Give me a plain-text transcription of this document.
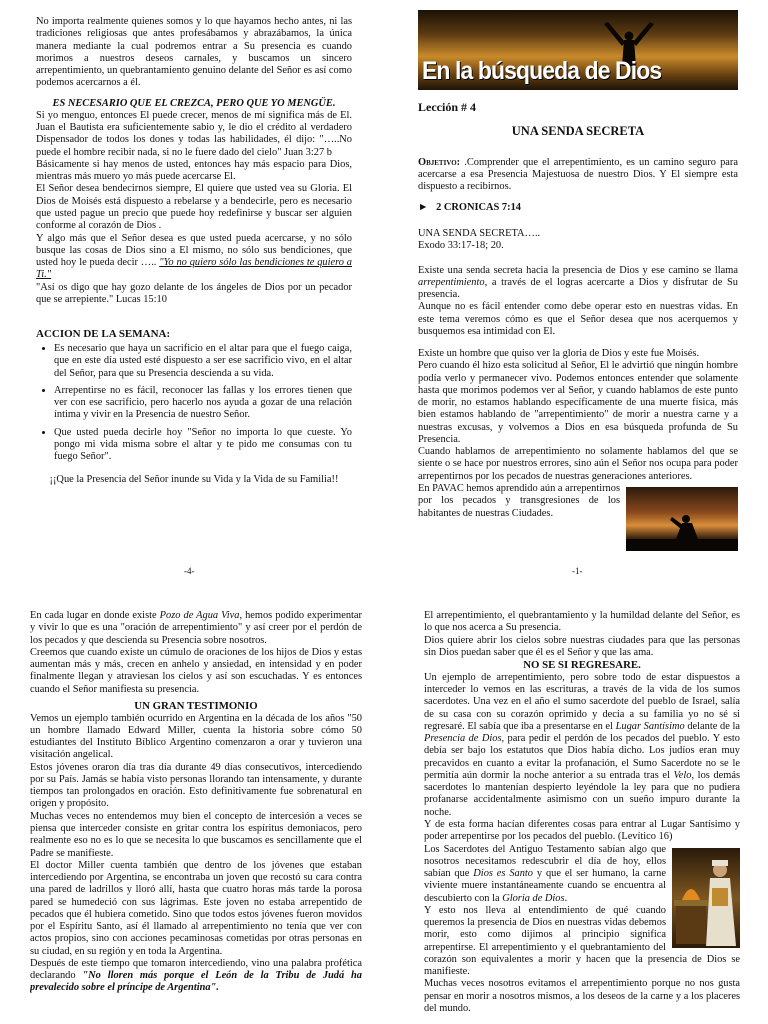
No importa realmente quienes somos y lo que hayamos hecho antes, ni las tradiciones religiosas que antes profesábamos y abrazábamos, la única manera mediante la cual podremos entrar a Su presencia es cuando morimos a nuestros deseos carnales, y buscamos un sincero arrepentimiento, un quebrantamiento genuino delante del Señor es así como podemos acercarnos a él.

ES NECESARIO QUE EL CREZCA, PERO QUE YO MENGÜE.

Si yo menguo, entonces El puede crecer, menos de mí significa más de El. Juan el Bautista era suficientemente sabio y, le dio el crédito al verdadero Dispensador de todos los dones y todas las habilidades, él dijo: "…..No puede el hombre recibir nada, si no le fuere dado del cielo" Juan 3:27 b

Básicamente si hay menos de usted, entonces hay más espacio para Dios, mientras más muero yo más puede acercarse El.

El Señor desea bendecirnos siempre, El quiere que usted vea su Gloria. El Dios de Moisés está dispuesto a rebelarse y a bendecirle, pero es necesario que usted pague un precio que puede hoy redefinirse y buscar ser alguien conforme al corazón de Dios .

Y algo más que el Señor desea es que usted pueda acercarse, y no sólo busque las cosas de Dios sino a El mismo, no sólo sus bendiciones, que usted hoy le pueda decir ….. "Yo no quiero sólo las bendiciones te quiero a Ti."

"Así os digo que hay gozo delante de los ángeles de Dios por un pecador que se arrepiente." Lucas 15:10

ACCION DE LA SEMANA:

• Es necesario que haya un sacrificio en el altar para que el fuego caiga, que en este día usted esté dispuesto a ser ese sacrificio vivo, en el altar del Señor, para que su Presencia descienda a su vida.
• Arrepentirse no es fácil, reconocer las fallas y los errores tienen que ver con ese sacrificio, pero hacerlo nos ayuda a gozar de una relación íntima y vivir en la Presencia de nuestro Señor.
• Que usted pueda decirle hoy "Señor no importa lo que cueste. Yo pongo mi vida misma sobre el altar y te pido me consumas con tu fuego Señor".

¡¡Que la Presencia del Señor inunde su Vida y la Vida de su Familia!!

-4-
En la búsqueda de Dios
Lección # 4
UNA SENDA SECRETA

Objetivo: .Comprender que el arrepentimiento, es un camino seguro para acercarse a esa Presencia Majestuosa de nuestro Dios. Y El siempre esta dispuesto a recibirnos.

► 2 CRONICAS 7:14

UNA SENDA SECRETA…..

Exodo 33:17-18; 20.

Existe una senda secreta hacia la presencia de Dios y ese camino se llama arrepentimiento, a través de el logras acercarte a Dios y disfrutar de Su presencia.

Aunque no es fácil entender como debe operar esto en nuestras vidas. En este tema veremos cómo es que el Señor desea que nos acerquemos y busquemos esa intimidad con El.

Existe un hombre que quiso ver la gloria de Dios y este fue Moisés.

Pero cuando él hizo esta solicitud al Señor, El le advirtió que ningún hombre podía verlo y permanecer vivo. Podemos entonces entender que solamente hasta que morimos podemos ver al Señor, y cuando hablamos de este punto de morir, no estamos hablando específicamente de una muerte física, más bien estamos hablando de "arrepentimiento" de morir a nuestra carne y a nuestras excusas, y volvemos a Dios en esa búsqueda profunda de Su Presencia.

Cuando hablamos de arrepentimiento no solamente hablamos del que se siente o se hace por nuestros errores, sino aún el Señor nos ocupa para poder arrepentirnos por los pecados de nuestras generaciones anteriores.

En PAVAC hemos aprendido aún a arrepentirnos por los pecados y transgresiones de los habitantes de nuestras Ciudades.

-1-

En cada lugar en donde existe Pozo de Agua Viva, hemos podido experimentar y vivir lo que es una "oración de arrepentimiento" y así creer por el perdón de los pecados y que descienda su Presencia sobre nosotros.

Creemos que cuando existe un cúmulo de oraciones de los hijos de Dios y estas aumentan más y más, crecen en anhelo y ansiedad, en intensidad y en poder finalmente llegan y atraviesan los cielos y así son escuchadas. Y es entonces cuando el Señor manifiesta su presencia.

UN GRAN TESTIMONIO

Vemos un ejemplo también ocurrido en Argentina en la década de los años "50 un hombre llamado Edward Miller, cuenta la historia sobre cómo 50 estudiantes del Instituto Bíblico Argentino comenzaron a orar y tuvieron una visitación angelical.

Estos jóvenes oraron día tras día durante 49 días consecutivos, intercediendo por su País. Jamás se había visto personas llorando tan intensamente, y durante tiempos tan prolongados en oración. Esto definitivamente fue sobrenatural en origen y propósito.

Muchas veces no entendemos muy bien el concepto de intercesión a veces se piensa que interceder consiste en gritar contra los espíritus demoniacos, pero realmente eso no es lo que se necesita lo que buscamos es sencillamente que el Padre se manifieste.

El doctor Miller cuenta también que dentro de los jóvenes que estaban intercediendo por Argentina, se encontraba un joven que recostó su cara contra una pared de ladrillos y lloró allí, hasta que cuatro horas más tarde la porosa pared se humedeció con sus lágrimas. Este joven no estaba arrepentido de pecados que él hubiera cometido. Sino que todos estos jóvenes fueron movidos por el Espíritu Santo, así él llamado al arrepentimiento no tenía que ver con actos propios, sino con acciones pecaminosas cometidas por otras personas en su ciudad, en su región y en toda la Argentina.

Después de este tiempo que tomaron intercediendo, vino una palabra profética declarando "No lloren más porque el León de la Tribu de Judá ha prevalecido sobre el príncipe de Argentina".

El arrepentimiento, el quebrantamiento y la humildad delante del Señor, es lo que nos acerca a Su presencia.

Dios quiere abrir los cielos sobre nuestras ciudades para que las personas sin Dios puedan saber que él es el Señor y que las ama.

NO SE SI REGRESARE.

Un ejemplo de arrepentimiento, pero sobre todo de estar dispuestos a interceder lo vemos en las escrituras, a través de la vida de los sumos sacerdotes. Una vez en el año el sumo sacerdote del pueblo de Israel, salía de su casa con su corazón oprimido y decía a su familia yo no sé si regresaré. El sabía que iba a presentarse en el Lugar Santísimo delante de la Presencia de Dios, para pedir el perdón de los pecados del pueblo. Y esto debía ser bajo los estatutos que Dios había dicho. Los judíos eran muy precavidos en cuanto a evitar la profanación, el Sumo Sacerdote no se le permitía aún dormir la noche anterior a su entrada tras el Velo, los demás sacerdotes lo mantenían despierto leyéndole la ley para que no pudiera profanarse accidentalmente asimismo con un sueño impuro durante la noche.

Y de esta forma hacían diferentes cosas para entrar al Lugar Santísimo y poder arrepentirse por los pecados del pueblo. (Levítico 16)

Los Sacerdotes del Antiguo Testamento sabían algo que nosotros necesitamos redescubrir el día de hoy, ellos sabían que Dios es Santo y que el ser humano, la carne viviente muere instantáneamente cuando se encuentra al descubierto con la Gloria de Dios.

Y esto nos lleva al entendimiento de qué cuando queremos la presencia de Dios en nuestras vidas debemos morir, esto como dijimos al principio significa arrepentirse. El arrepentimiento y el quebrantamiento del corazón son equivalentes a morir y hacen que la presencia de Dios se manifieste.

Muchas veces nosotros evitamos el arrepentimiento porque no nos gusta pensar en morir a nosotros mismos, a los deseos de la carne y a los placeres del mundo.
